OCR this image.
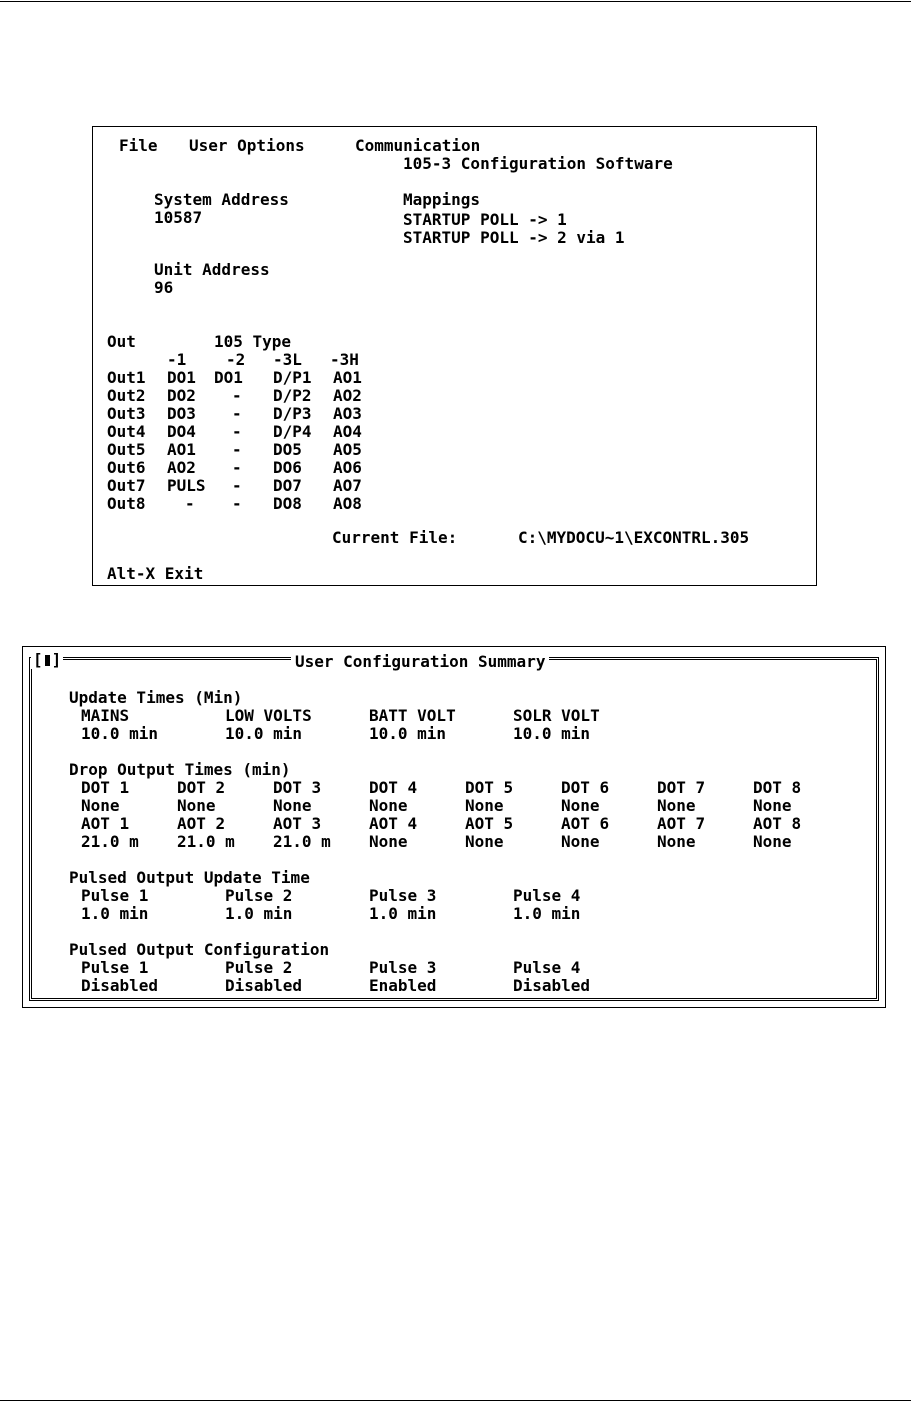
File User Options	Communication
105-3 Configuration Software
System Address
10587
Mappings
STARTUP POLL -> 1
STARTUP POLL -> 2 via 1
Unit Address
96
Out	105 Type
-1 -2 -3L -3H
Out1 DO1 DO1 D/P1 AO1
Out2 DO2 - D/P2 AO2
Out3 DO3 - D/P3 AO3
Out4 DO4 - D/P4 AO4
Out5 AO1 - DO5 AO5
Out6 AO2 - DO6 AO6
Out7 PULS - DO7 AO7
Out8 - - DO8 AO8
Current File:	C:\MYDOCU~1\EXCONTRL.305
Alt-X Exit
[ ]	User Configuration Summary
Update Times (Min)
MAINS	LOW VOLTS	BATT VOLT	SOLR VOLT
10.0 min	10.0 min	10.0 min	10.0 min
Drop Output Times (min)
DOT 1	DOT 2	DOT 3	DOT 4	DOT 5	DOT 6	DOT 7	DOT 8
None	None	None	None	None	None	None	None
AOT 1	AOT 2	AOT 3	AOT 4	AOT 5	AOT 6	AOT 7	AOT 8
21.0 m 21.0 m 21.0 m None	None	None	None	None
Pulsed Output Update Time
Pulse 1	Pulse 2	Pulse 3	Pulse 4
1.0 min	1.0 min	1.0 min	1.0 min
Pulsed Output Configuration
Pulse 1	Pulse 2	Pulse 3	Pulse 4
Disabled	Disabled	Enabled	Disabled
